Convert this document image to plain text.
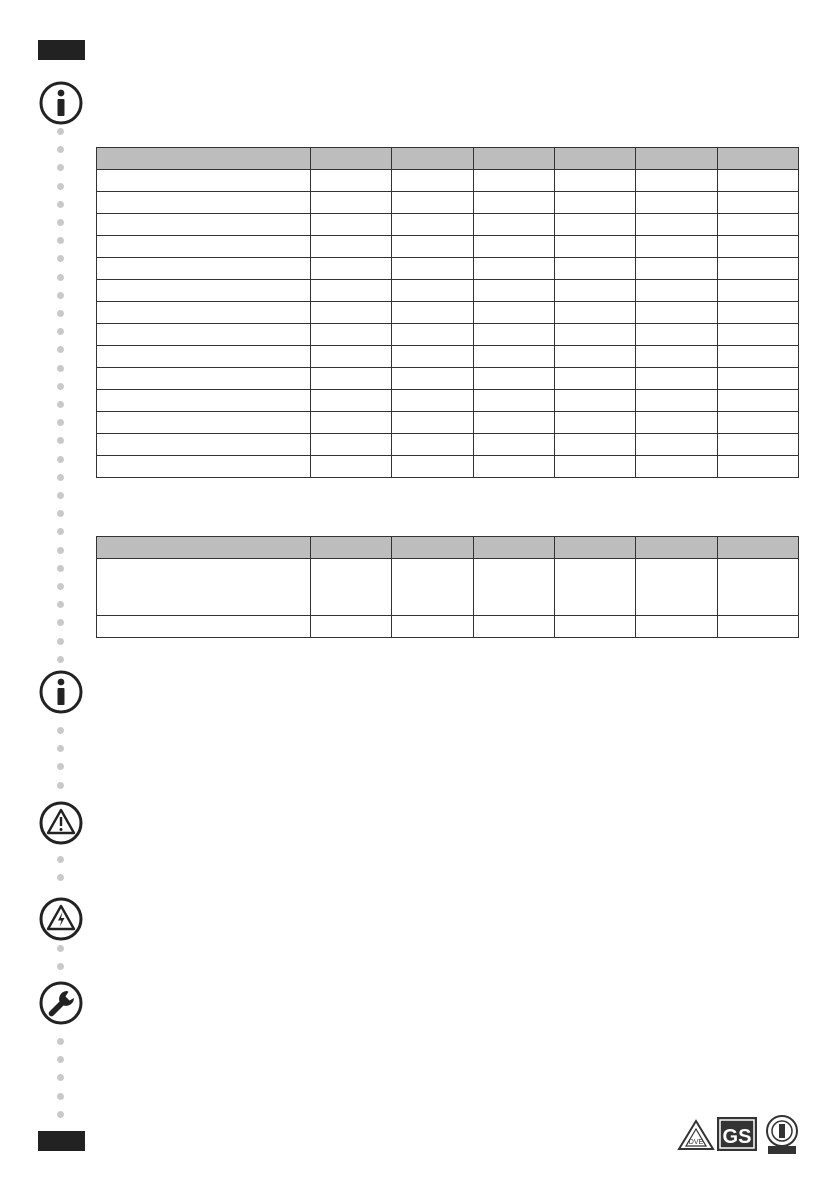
DVE GS
